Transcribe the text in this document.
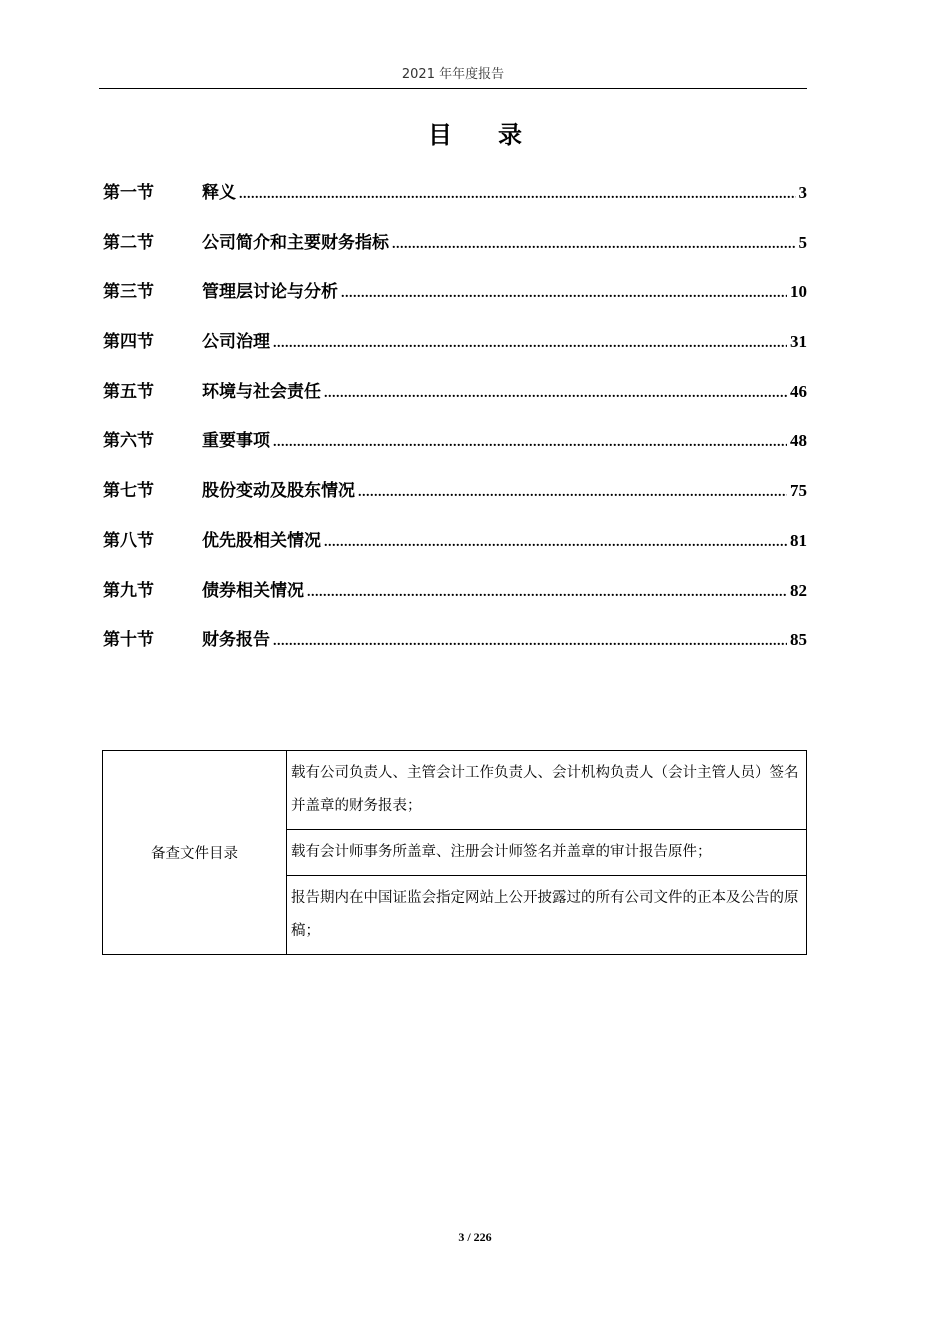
2021 年年度报告
目录
第一节	释义 .....	3
第二节	公司简介和主要财务指标 .....	5
第三节	管理层讨论与分析 .....	10
第四节	公司治理 .....	31
第五节	环境与社会责任 .....	46
第六节	重要事项 .....	48
第七节	股份变动及股东情况 .....	75
第八节	优先股相关情况 .....	81
第九节	债券相关情况 .....	82
第十节	财务报告 .....	85
备查文件目录	载有公司负责人、主管会计工作负责人、会计机构负责人（会计主管人员）签名并盖章的财务报表；
载有会计师事务所盖章、注册会计师签名并盖章的审计报告原件；
报告期内在中国证监会指定网站上公开披露过的所有公司文件的正本及公告的原稿；
3 / 226
